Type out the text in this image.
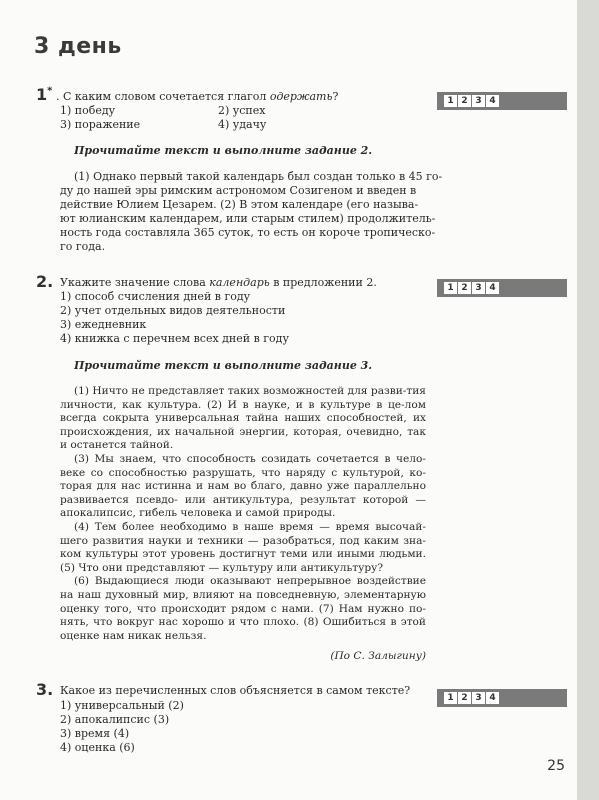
3 день
1* . С каким словом сочетается глагол одержать?
1) победу	2) успех
3) поражение	4) удачу
1 2 3 4
Прочитайте текст и выполните задание 2.
(1) Однако первый такой календарь был создан только в 45 го-
ду до нашей эры римским астрономом Созигеном и введен в
действие Юлием Цезарем. (2) В этом календаре (его называ-
ют юлианским календарем, или старым стилем) продолжитель-
ность года составляла 365 суток, то есть он короче тропическо-
го года.
2. Укажите значение слова календарь в предложении 2.
1) способ счисления дней в году
2) учет отдельных видов деятельности
3) ежедневник
4) книжка с перечнем всех дней в году
1 2 3 4
Прочитайте текст и выполните задание 3.

(1) Ничто не представляет таких возможностей для разви-тия личности, как культура. (2) И в науке, и в культуре в це-лом всегда сокрыта универсальная тайна наших способностей, их происхождения, их начальной энергии, которая, очевидно, так и останется тайной.

(3) Мы знаем, что способность созидать сочетается в чело-веке со способностью разрушать, что наряду с культурой, ко-торая для нас истинна и нам во благо, давно уже параллельно развивается псевдо- или антикультура, результат которой — апокалипсис, гибель человека и самой природы.

(4) Тем более необходимо в наше время — время высочай-шего развития науки и техники — разобраться, под каким зна-ком культуры этот уровень достигнут теми или иными людьми. (5) Что они представляют — культуру или антикультуру?

(6) Выдающиеся люди оказывают непрерывное воздействие на наш духовный мир, влияют на повседневную, элементарную оценку того, что происходит рядом с нами. (7) Нам нужно по-нять, что вокруг нас хорошо и что плохо. (8) Ошибиться в этой оценке нам никак нельзя.

(По С. Залыгину)
3. Какое из перечисленных слов объясняется в самом тексте?
1) универсальный (2)
2) апокалипсис (3)
3) время (4)
4) оценка (6)
1 2 3 4
25
